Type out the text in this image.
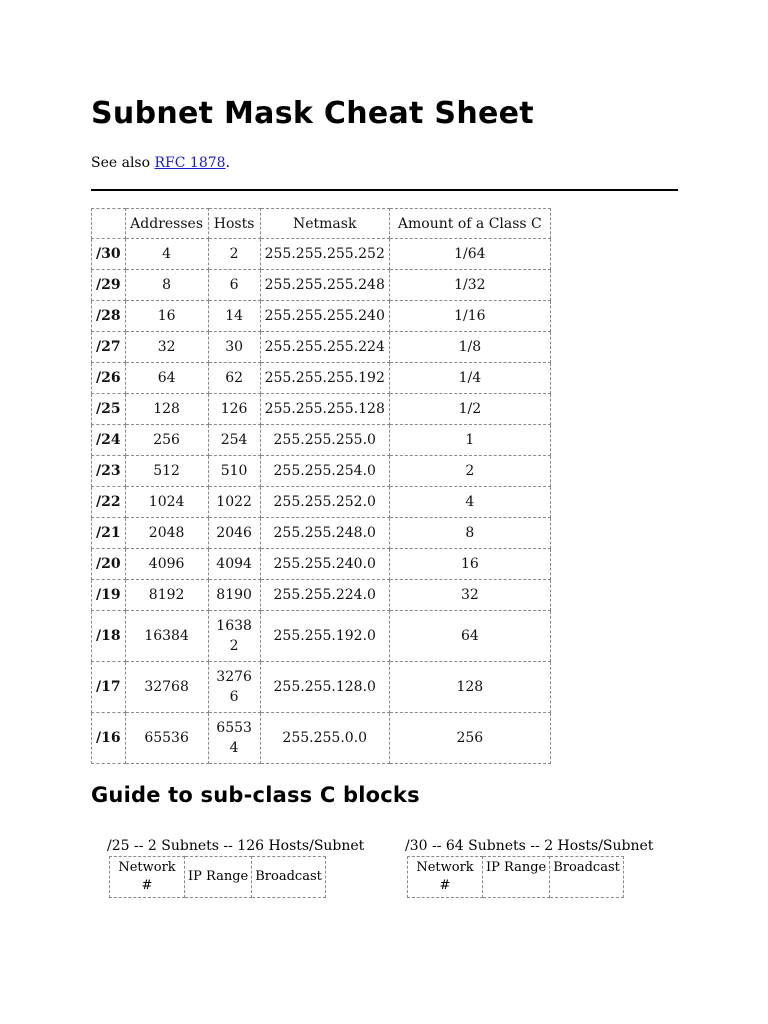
Subnet Mask Cheat Sheet
See also RFC 1878.
	Addresses	Hosts	Netmask	Amount of a Class C
/30	4	2	255.255.255.252	1/64
/29	8	6	255.255.255.248	1/32
/28	16	14	255.255.255.240	1/16
/27	32	30	255.255.255.224	1/8
/26	64	62	255.255.255.192	1/4
/25	128	126	255.255.255.128	1/2
/24	256	254	255.255.255.0	1
/23	512	510	255.255.254.0	2
/22	1024	1022	255.255.252.0	4
/21	2048	2046	255.255.248.0	8
/20	4096	4094	255.255.240.0	16
/19	8192	8190	255.255.224.0	32
/18	16384	16382	255.255.192.0	64
/17	32768	32766	255.255.128.0	128
/16	65536	65534	255.255.0.0	256
Guide to sub-class C blocks
/25 -- 2 Subnets -- 126 Hosts/Subnet
Network #	IP Range	Broadcast
/30 -- 64 Subnets -- 2 Hosts/Subnet
Network #	IP Range	Broadcast
